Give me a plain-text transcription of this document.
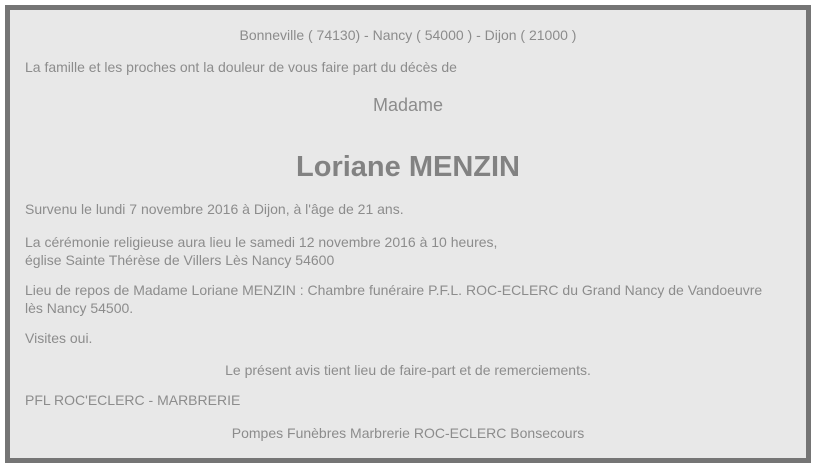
Bonneville ( 74130) - Nancy ( 54000 ) - Dijon ( 21000 )

La famille et les proches ont la douleur de vous faire part du décès de

Madame

Loriane MENZIN

Survenu le lundi 7 novembre 2016 à Dijon, à l'âge de 21 ans.

La cérémonie religieuse aura lieu le samedi 12 novembre 2016 à 10 heures,
église Sainte Thérèse de Villers Lès Nancy 54600

Lieu de repos de Madame Loriane MENZIN : Chambre funéraire P.F.L. ROC-ECLERC du Grand Nancy de Vandoeuvre
lès Nancy 54500.

Visites oui.

Le présent avis tient lieu de faire-part et de remerciements.

PFL ROC'ECLERC - MARBRERIE

Pompes Funèbres Marbrerie ROC-ECLERC Bonsecours
